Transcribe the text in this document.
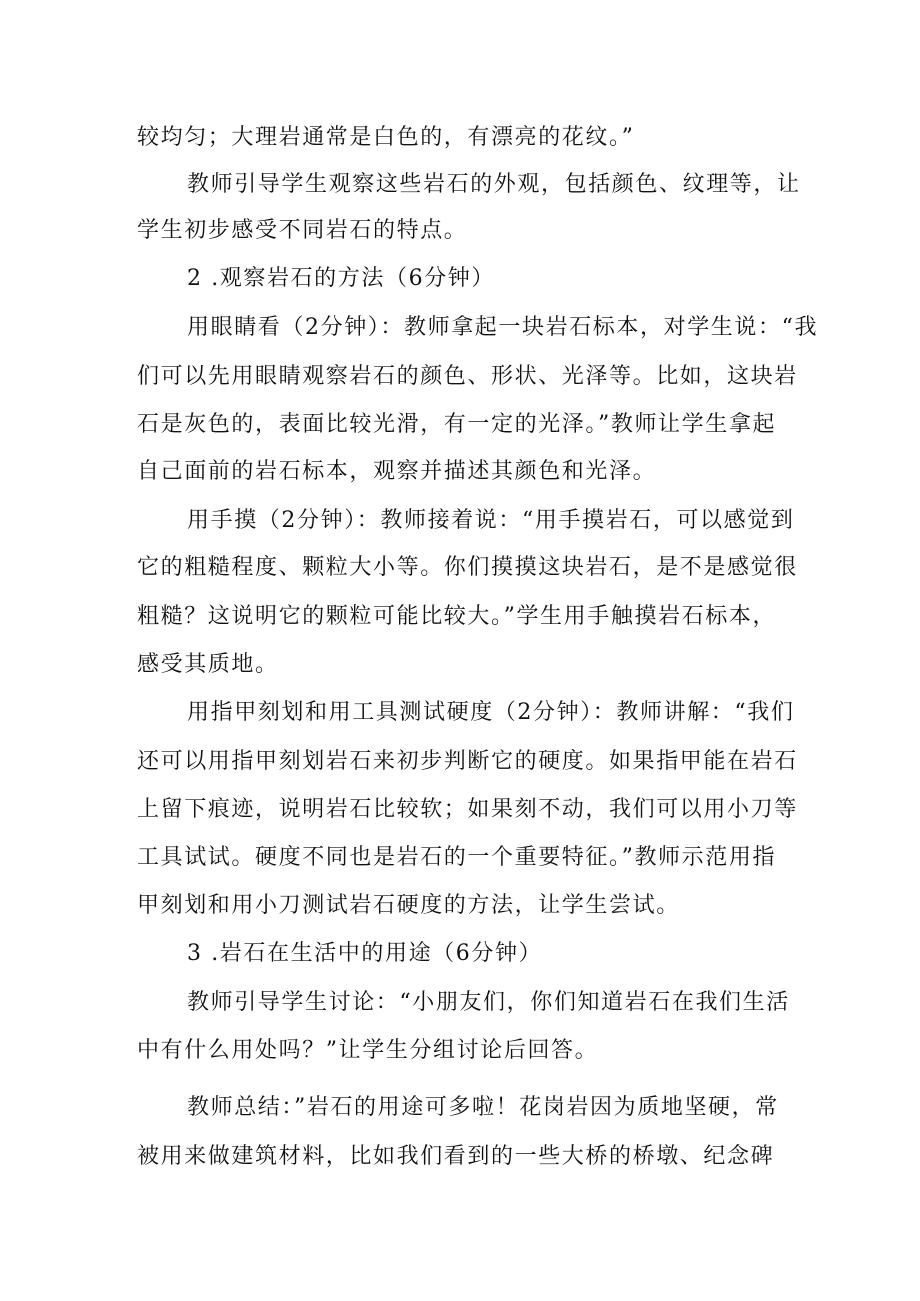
较均匀；大理岩通常是白色的，有漂亮的花纹。”
教师引导学生观察这些岩石的外观，包括颜色、纹理等，让
学生初步感受不同岩石的特点。
2 .观察岩石的方法（6分钟）
用眼睛看（2分钟）：教师拿起一块岩石标本，对学生说：“我
们可以先用眼睛观察岩石的颜色、形状、光泽等。比如，这块岩
石是灰色的，表面比较光滑，有一定的光泽。”教师让学生拿起
自己面前的岩石标本，观察并描述其颜色和光泽。
用手摸（2分钟）：教师接着说：“用手摸岩石，可以感觉到
它的粗糙程度、颗粒大小等。你们摸摸这块岩石，是不是感觉很
粗糙？这说明它的颗粒可能比较大。”学生用手触摸岩石标本，
感受其质地。
用指甲刻划和用工具测试硬度（2分钟）：教师讲解：“我们
还可以用指甲刻划岩石来初步判断它的硬度。如果指甲能在岩石
上留下痕迹，说明岩石比较软；如果刻不动，我们可以用小刀等
工具试试。硬度不同也是岩石的一个重要特征。”教师示范用指
甲刻划和用小刀测试岩石硬度的方法，让学生尝试。
3 .岩石在生活中的用途（6分钟）
教师引导学生讨论：“小朋友们，你们知道岩石在我们生活
中有什么用处吗？”让学生分组讨论后回答。
教师总结：”岩石的用途可多啦！花岗岩因为质地坚硬，常
被用来做建筑材料，比如我们看到的一些大桥的桥墩、纪念碑
